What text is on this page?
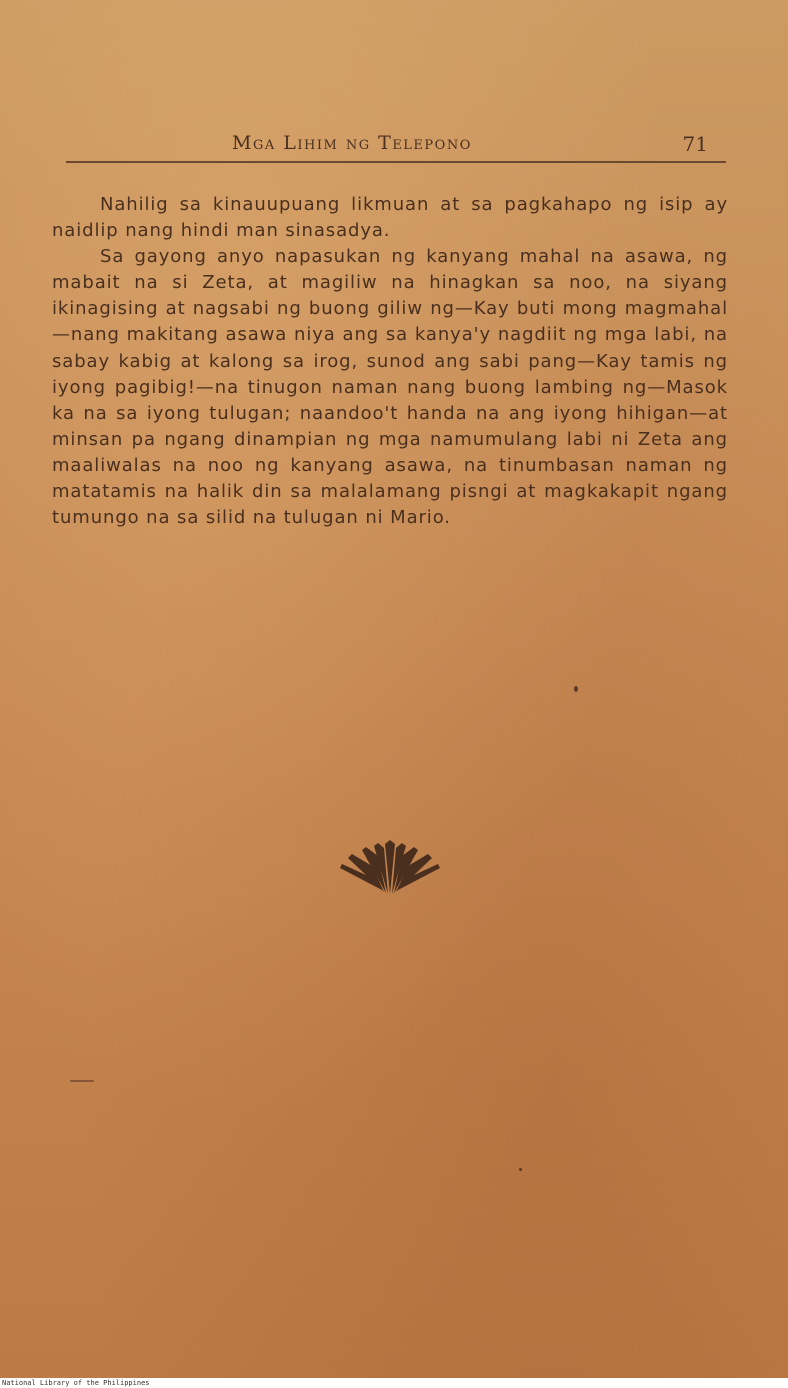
Mga Lihim ng Telepono	71

Nahilig sa kinauupuang likmuan at sa pagkahapo ng isip ay naidlip nang hindi man sinasadya.

Sa gayong anyo napasukan ng kanyang mahal na asawa, ng mabait na si Zeta, at magiliw na hinagkan sa noo, na siyang ikinagising at nagsabi ng buong giliw ng—Kay buti mong magmahal—nang makitang asawa niya ang sa kanya'y nagdiit ng mga labi, na sabay kabig at kalong sa irog, sunod ang sabi pang—Kay tamis ng iyong pagibig!—na tinugon naman nang buong lambing ng—Masok ka na sa iyong tulugan; naandoo't handa na ang iyong hihigan—at minsan pa ngang dinampian ng mga namumulang labi ni Zeta ang maaliwalas na noo ng kanyang asawa, na tinumbasan naman ng matatamis na halik din sa malalamang pisngi at magkakapit ngang tumungo na sa silid na tulugan ni Mario.

National Library of the Philippines
